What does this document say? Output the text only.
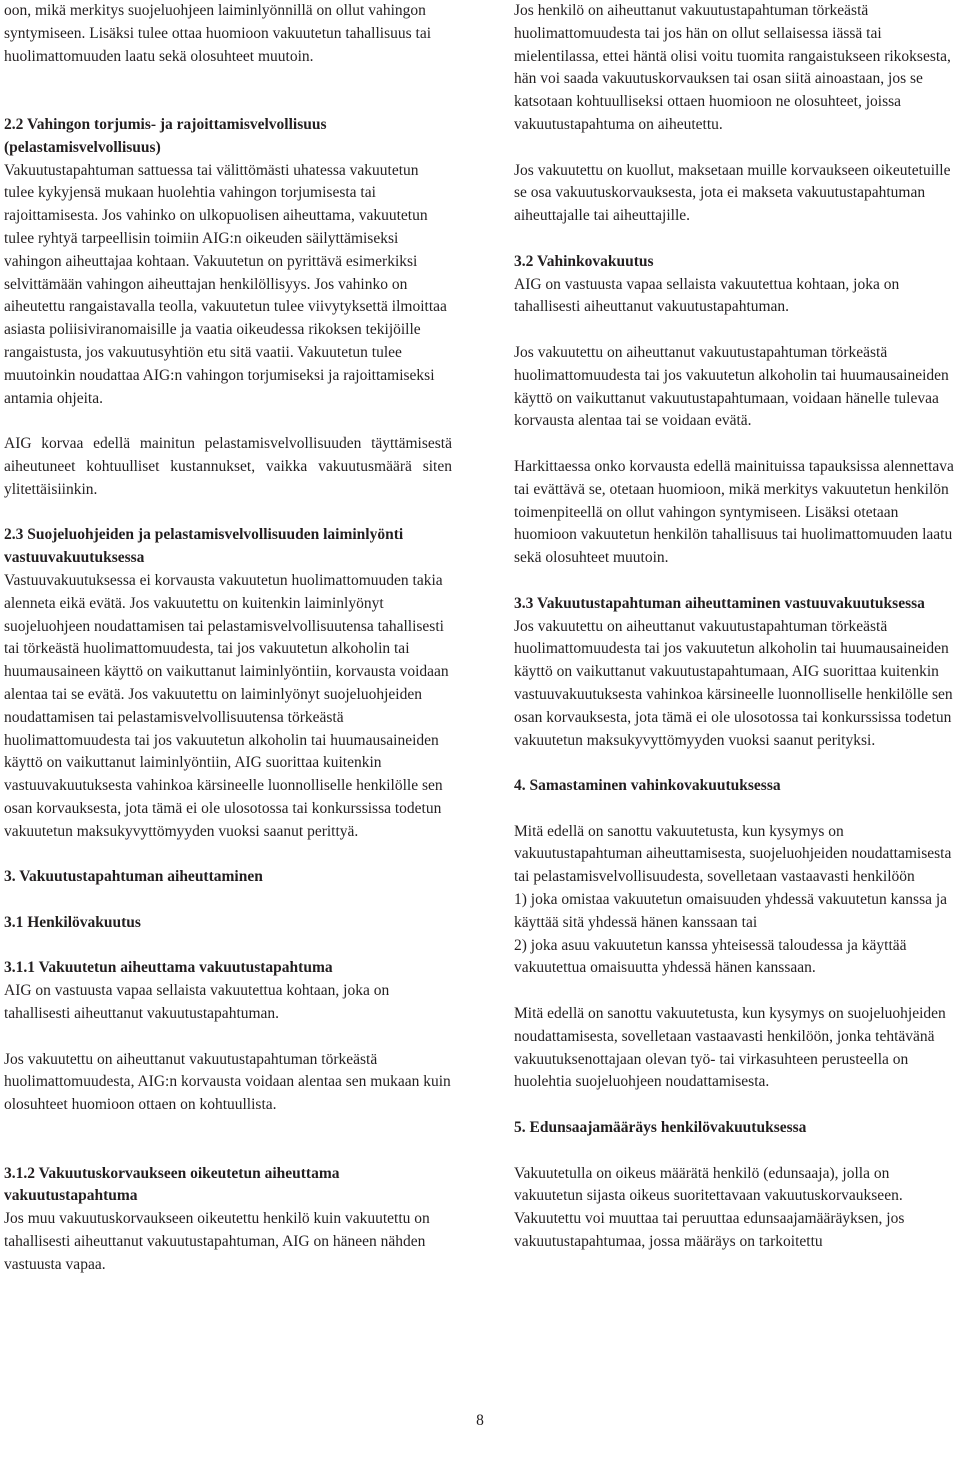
oon, mikä merkitys suojeluohjeen laiminlyönnillä on ollut vahingon syntymiseen. Lisäksi tulee ottaa huomioon vakuutetun tahallisuus tai huolimattomuuden laatu sekä olosuhteet muutoin.

2.2 Vahingon torjumis- ja rajoittamisvelvollisuus (pelastamisvelvollisuus)

Vakuutustapahtuman sattuessa tai välittömästi uhatessa vakuutetun tulee kykyjensä mukaan huolehtia vahingon torjumisesta tai rajoittamisesta. Jos vahinko on ulkopuolisen aiheuttama, vakuutetun tulee ryhtyä tarpeellisin toimiin AIG:n oikeuden säilyttämiseksi vahingon aiheuttajaa kohtaan. Vakuutetun on pyrittävä esimerkiksi selvittämään vahingon aiheuttajan henkilöllisyys. Jos vahinko on aiheutettu rangaistavalla teolla, vakuutetun tulee viivytyksettä ilmoittaa asiasta poliisiviranomaisille ja vaatia oikeudessa rikoksen tekijöille rangaistusta, jos vakuutusyhtiön etu sitä vaatii. Vakuutetun tulee muutoinkin noudattaa AIG:n vahingon torjumiseksi ja rajoittamiseksi antamia ohjeita.

AIG korvaa edellä mainitun pelastamisvelvollisuuden täyttämisestä aiheutuneet kohtuulliset kustannukset, vaikka vakuutusmäärä siten ylitettäisiinkin.

2.3 Suojeluohjeiden ja pelastamisvelvollisuuden laiminlyönti vastuuvakuutuksessa

Vastuuvakuutuksessa ei korvausta vakuutetun huolimattomuuden takia alenneta eikä evätä. Jos vakuutettu on kuitenkin laiminlyönyt suojeluohjeen noudattamisen tai pelastamisvelvollisuutensa tahallisesti tai törkeästä huolimattomuudesta, tai jos vakuutetun alkoholin tai huumausaineen käyttö on vaikuttanut laiminlyöntiin, korvausta voidaan alentaa tai se evätä. Jos vakuutettu on laiminlyönyt suojeluohjeiden noudattamisen tai pelastamisvelvollisuutensa törkeästä huolimattomuudesta tai jos vakuutetun alkoholin tai huumausaineiden käyttö on vaikuttanut laiminlyöntiin, AIG suorittaa kuitenkin vastuuvakuutuksesta vahinkoa kärsineelle luonnolliselle henkilölle sen osan korvauksesta, jota tämä ei ole ulosotossa tai konkurssissa todetun vakuutetun maksukyvyttömyyden vuoksi saanut perittyä.

3. Vakuutustapahtuman aiheuttaminen

3.1 Henkilövakuutus

3.1.1 Vakuutetun aiheuttama vakuutustapahtuma

AIG on vastuusta vapaa sellaista vakuutettua kohtaan, joka on tahallisesti aiheuttanut vakuutustapahtuman.

Jos vakuutettu on aiheuttanut vakuutustapahtuman törkeästä huolimattomuudesta, AIG:n korvausta voidaan alentaa sen mukaan kuin olosuhteet huomioon ottaen on kohtuullista.

3.1.2 Vakuutuskorvaukseen oikeutetun aiheuttama vakuutustapahtuma

Jos muu vakuutuskorvaukseen oikeutettu henkilö kuin vakuutettu on tahallisesti aiheuttanut vakuutustapahtuman, AIG on häneen nähden vastuusta vapaa.

Jos henkilö on aiheuttanut vakuutustapahtuman törkeästä huolimattomuudesta tai jos hän on ollut sellaisessa iässä tai mielentilassa, ettei häntä olisi voitu tuomita rangaistukseen rikoksesta, hän voi saada vakuutuskorvauksen tai osan siitä ainoastaan, jos se katsotaan kohtuulliseksi ottaen huomioon ne olosuhteet, joissa vakuutustapahtuma on aiheutettu.

Jos vakuutettu on kuollut, maksetaan muille korvaukseen oikeutetuille se osa vakuutuskorvauksesta, jota ei makseta vakuutustapahtuman aiheuttajalle tai aiheuttajille.

3.2 Vahinkovakuutus

AIG on vastuusta vapaa sellaista vakuutettua kohtaan, joka on tahallisesti aiheuttanut vakuutustapahtuman.

Jos vakuutettu on aiheuttanut vakuutustapahtuman törkeästä huolimattomuudesta tai jos vakuutetun alkoholin tai huumausaineiden käyttö on vaikuttanut vakuutustapahtumaan, voidaan hänelle tulevaa korvausta alentaa tai se voidaan evätä.

Harkittaessa onko korvausta edellä mainituissa tapauksissa alennettava tai evättävä se, otetaan huomioon, mikä merkitys vakuutetun henkilön toimenpiteellä on ollut vahingon syntymiseen. Lisäksi otetaan huomioon vakuutetun henkilön tahallisuus tai huolimattomuuden laatu sekä olosuhteet muutoin.

3.3 Vakuutustapahtuman aiheuttaminen vastuuvakuutuksessa

Jos vakuutettu on aiheuttanut vakuutustapahtuman törkeästä huolimattomuudesta tai jos vakuutetun alkoholin tai huumausaineiden käyttö on vaikuttanut vakuutustapahtumaan, AIG suorittaa kuitenkin vastuuvakuutuksesta vahinkoa kärsineelle luonnolliselle henkilölle sen osan korvauksesta, jota tämä ei ole ulosotossa tai konkurssissa todetun vakuutetun maksukyvyttömyyden vuoksi saanut perityksi.

4. Samastaminen vahinkovakuutuksessa

Mitä edellä on sanottu vakuutetusta, kun kysymys on vakuutustapahtuman aiheuttamisesta, suojeluohjeiden noudattamisesta tai pelastamisvelvollisuudesta, sovelletaan vastaavasti henkilöön

1) joka omistaa vakuutetun omaisuuden yhdessä vakuutetun kanssa ja käyttää sitä yhdessä hänen kanssaan tai

2) joka asuu vakuutetun kanssa yhteisessä taloudessa ja käyttää vakuutettua omaisuutta yhdessä hänen kanssaan.

Mitä edellä on sanottu vakuutetusta, kun kysymys on suojeluohjeiden noudattamisesta, sovelletaan vastaavasti henkilöön, jonka tehtävänä vakuutuksenottajaan olevan työ- tai virkasuhteen perusteella on huolehtia suojeluohjeen noudattamisesta.

5. Edunsaajamääräys henkilövakuutuksessa

Vakuutetulla on oikeus määrätä henkilö (edunsaaja), jolla on vakuutetun sijasta oikeus suoritettavaan vakuutuskorvaukseen. Vakuutettu voi muuttaa tai peruuttaa edunsaajamääräyksen, jos vakuutustapahtumaa, jossa määräys on tarkoitettu

8
